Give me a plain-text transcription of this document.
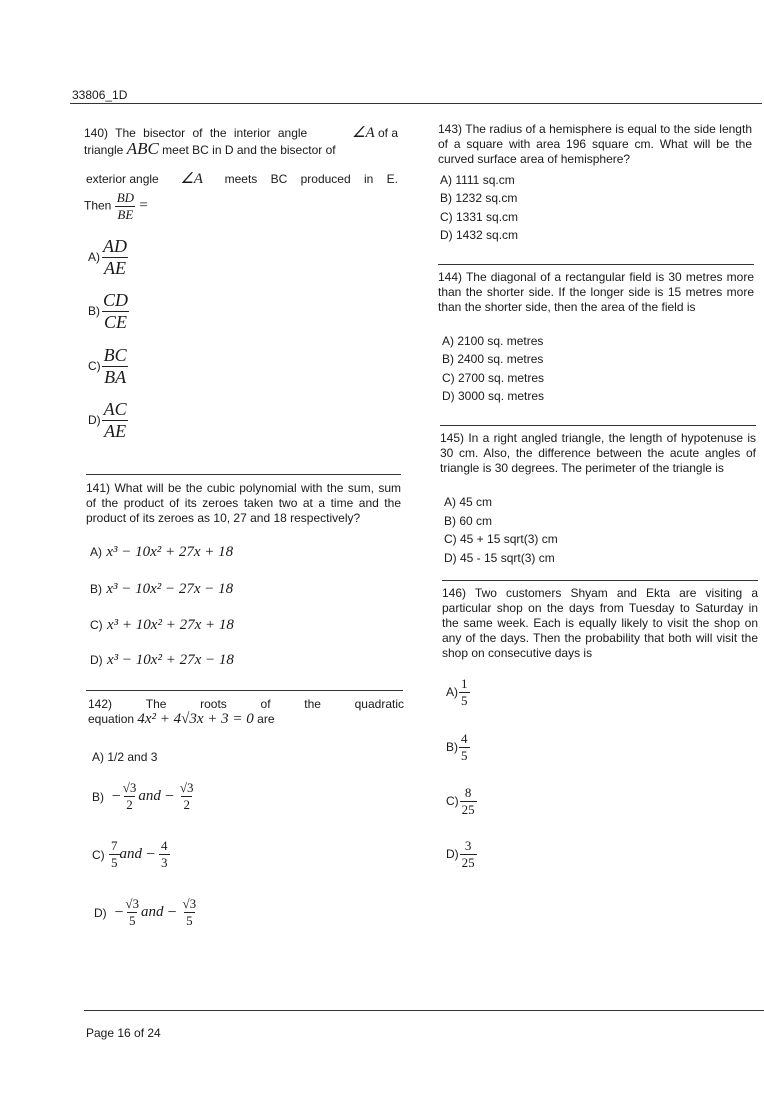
33806_1D
140) The bisector of the interior angle	∠A of a
triangle ABC meet BC in D and the bisector of
exterior angle ∠A meets BC produced in E.
Then $\frac{BD}{BE}$ =
$A) \frac{AD}{AE}$
$B) \frac{CD}{CE}$
$C) \frac{BC}{BA}$
$D) \frac{AC}{AE}$
141) What will be the cubic polynomial with the sum, sum of the product of its zeroes taken two at a time and the product of its zeroes as 10, 27 and 18 respectively?
A) x³ − 10x² + 27x + 18
B) x³ − 10x² − 27x − 18
C) x³ + 10x² + 27x + 18
D) x³ − 10x² + 27x − 18
142)	The	roots	of	the	quadratic
equation 4x² + 4√3x + 3 = 0 are
A) 1/2 and 3
B)
− $\frac{√3}{2}$ and − $\frac{√3}{2}$
C)
$\frac{7}{5}$ and − $\frac{4}{3}$
D)
− $\frac{√3}{5}$ and − $\frac{√3}{5}$
143) The radius of a hemisphere is equal to the side length of a square with area 196 square cm. What will be the curved surface area of hemisphere?
A) 1111 sq.cm
B) 1232 sq.cm
C) 1331 sq.cm
D) 1432 sq.cm
144) The diagonal of a rectangular field is 30 metres more than the shorter side. If the longer side is 15 metres more than the shorter side, then the area of the field is
A) 2100 sq. metres
B) 2400 sq. metres
C) 2700 sq. metres
D) 3000 sq. metres
145) In a right angled triangle, the length of hypotenuse is 30 cm. Also, the difference between the acute angles of triangle is 30 degrees. The perimeter of the triangle is
A) 45 cm
B) 60 cm
C) 45 + 15 sqrt(3) cm
D) 45 - 15 sqrt(3) cm
146) Two customers Shyam and Ekta are visiting a particular shop on the days from Tuesday to Saturday in the same week. Each is equally likely to visit the shop on any of the days. Then the probability that both will visit the shop on consecutive days is
$A) \frac{1}{5}$
$B) \frac{4}{5}$
$C) \frac{8}{25}$
$D) \frac{3}{25}$
Page 16 of 24
